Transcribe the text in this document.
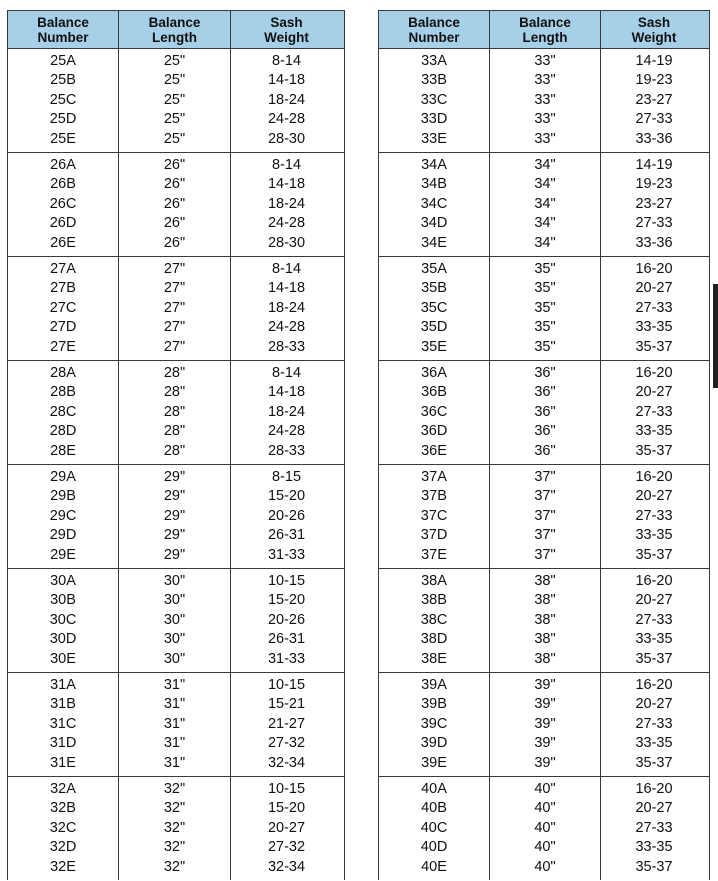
Balance
Number
Balance
Length
Sash
Weight
25A
25B
25C
25D
25E
25"
25"
25"
25"
25"
8-14
14-18
18-24
24-28
28-30
26A
26B
26C
26D
26E
26"
26"
26"
26"
26"
8-14
14-18
18-24
24-28
28-30
27A
27B
27C
27D
27E
27"
27"
27"
27"
27"
8-14
14-18
18-24
24-28
28-33
28A
28B
28C
28D
28E
28"
28"
28"
28"
28"
8-14
14-18
18-24
24-28
28-33
29A
29B
29C
29D
29E
29"
29"
29"
29"
29"
8-15
15-20
20-26
26-31
31-33
30A
30B
30C
30D
30E
30"
30"
30"
30"
30"
10-15
15-20
20-26
26-31
31-33
31A
31B
31C
31D
31E
31"
31"
31"
31"
31"
10-15
15-21
21-27
27-32
32-34
32A
32B
32C
32D
32E
32"
32"
32"
32"
32"
10-15
15-20
20-27
27-32
32-34
Balance
Number
Balance
Length
Sash
Weight
33A
33B
33C
33D
33E
33"
33"
33"
33"
33"
14-19
19-23
23-27
27-33
33-36
34A
34B
34C
34D
34E
34"
34"
34"
34"
34"
14-19
19-23
23-27
27-33
33-36
35A
35B
35C
35D
35E
35"
35"
35"
35"
35"
16-20
20-27
27-33
33-35
35-37
36A
36B
36C
36D
36E
36"
36"
36"
36"
36"
16-20
20-27
27-33
33-35
35-37
37A
37B
37C
37D
37E
37"
37"
37"
37"
37"
16-20
20-27
27-33
33-35
35-37
38A
38B
38C
38D
38E
38"
38"
38"
38"
38"
16-20
20-27
27-33
33-35
35-37
39A
39B
39C
39D
39E
39"
39"
39"
39"
39"
16-20
20-27
27-33
33-35
35-37
40A
40B
40C
40D
40E
40"
40"
40"
40"
40"
16-20
20-27
27-33
33-35
35-37
